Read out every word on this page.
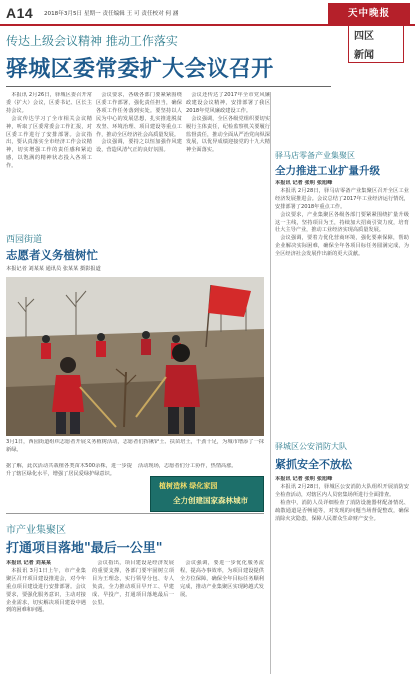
A14 2018年3月5日 星期一 责任编辑 王 可 责任校对 何 涵	天中晚报
四区
新闻
传达上级会议精神 推动工作落实
驿城区委常委扩大会议召开

本报讯 2月26日，驿城区委召开常委（扩大）会议，区委书记、区长主持会议。

会议传达学习了全市相关会议精神，听取了区委常委会工作汇报，对区委工作进行了安排部署。会议指出，要认真落实全市经济工作会议精神，切实增强工作的责任感和紧迫感，以饱满的精神状态投入各项工作。

会议要求，各级各部门要紧紧围绕区委工作部署，强化责任担当，确保各项工作任务落到实处。要坚持以人民为中心的发展思想，扎实推进脱贫攻坚、环境治理、项目建设等重点工作，推动全区经济社会高质量发展。

会议强调，要持之以恒加强作风建设，营造风清气正的良好氛围。

会议还传达了2017年全市党风廉政建设会议精神，安排部署了我区2018年党风廉政建设工作。

会议强调，全区各级党组织要切实履行主体责任，纪检监察机关要履行监督责任，推动全面从严治党向纵深发展，以优异成绩迎接党的十九大精神全面落实。

驿马店零备产业集聚区
全力推进工业扩量升级

本报讯 记者 张明 张旭峰

本报讯 2月28日，驿马店零备产业集聚区召开全区工业经济发展推进会。会议总结了2017年工业经济运行情况，安排部署了2018年重点工作。

会议要求，产业集聚区各级各部门要紧紧围绕扩量升级这一主线，坚持项目为王，持续加大招商引资力度，培育壮大主导产业，推动工业经济实现高质量发展。

会议强调，要着力优化营商环境，强化要素保障，帮助企业解决实际困难，确保全年各项目标任务圆满完成，为全区经济社会发展作出新的更大贡献。

驿城区公安消防大队
紧抓安全不放松

本报讯 记者 张明 张旭峰

本报讯 2月28日，驿城区公安消防大队组织开展消防安全检查活动，对辖区内人员密集场所进行全面排查。

检查中，消防人员详细检查了消防设施器材配备情况、疏散通道是否畅通等，对发现的问题当场督促整改，确保消除火灾隐患，保障人民群众生命财产安全。

西园街道
志愿者义务植树忙
本报记者 刘某某 通讯员 张某某 摄影报道
3月1日，西园街道组织志愿者开展义务植树活动，志愿者们挥锹铲土、扶苗培土，干劲十足，为城市增添了一抹新绿。
据了解，此次活动共栽植各类苗木500余株，进一步提升了辖区绿化水平，增强了居民爱绿护绿意识。
活动现场，志愿者们分工协作，热情高涨。
植树造林 绿化家园
全力创建国家森林城市
市产业集聚区
打通项目落地"最后一公里"

本报讯 记者 刘某某

本报讯 3月1日上午，市产业集聚区召开项目建设推进会，对今年重点项目建设进行安排部署。会议要求，要强化服务意识，主动对接企业需求，切实解决项目建设中遇到的困难和问题。

会议指出，项目建设是经济发展的重要支撑，各部门要牢固树立项目为王理念，实行领导分包、专人负责，全力推动项目早开工、早建成、早投产，打通项目落地最后一公里。

会议强调，要进一步优化服务流程，提高办事效率，为项目建设提供全方位保障，确保全年目标任务顺利完成，推动产业集聚区实现跨越式发展。
